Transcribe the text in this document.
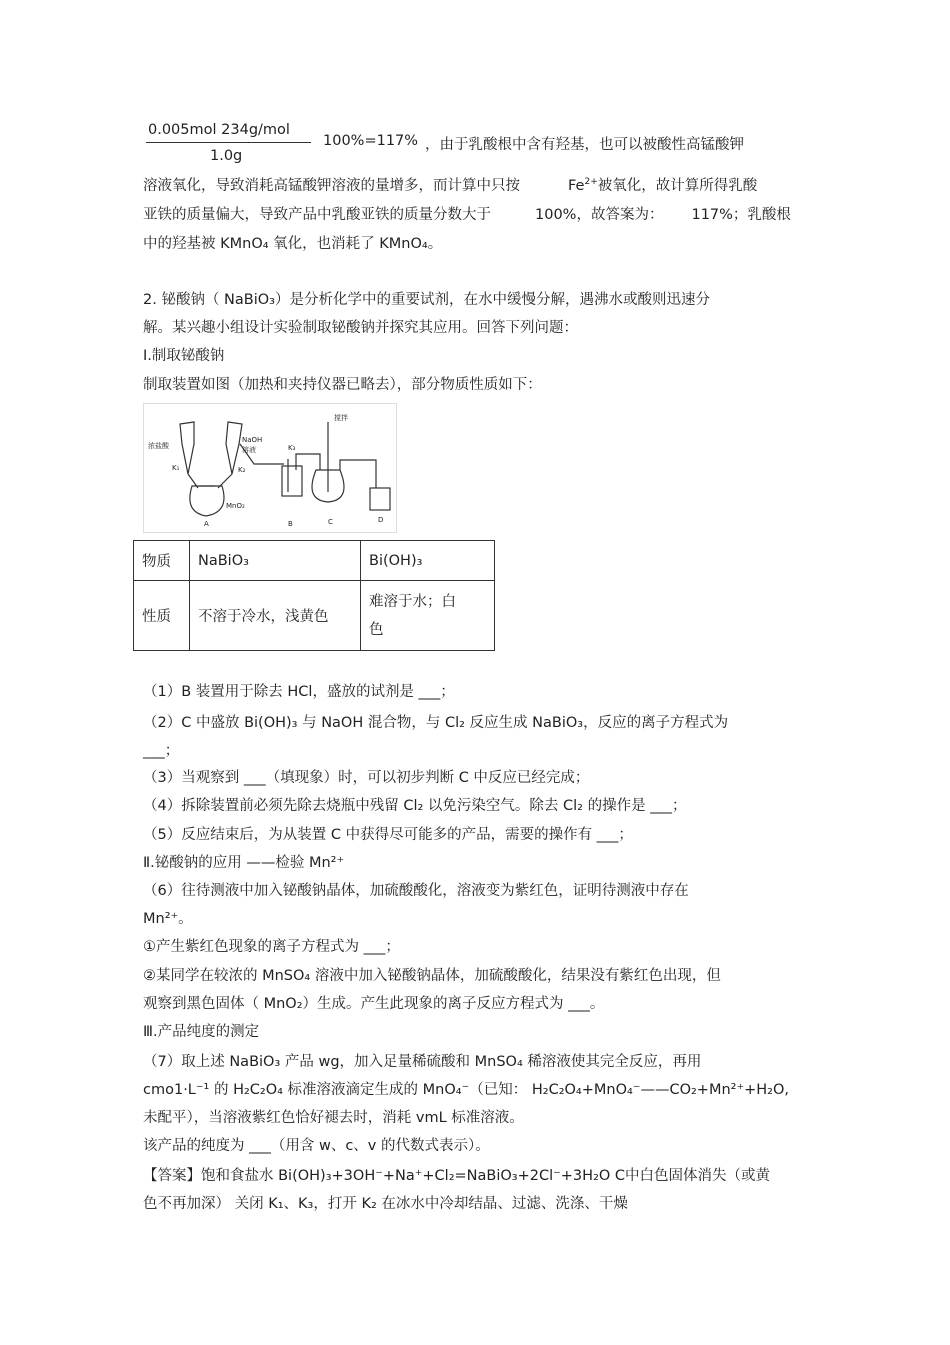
0.005mol 234g/mol
1.0g
100%=117% ，由于乳酸根中含有羟基，也可以被酸性高锰酸钾
溶液氧化，导致消耗高锰酸钾溶液的量增多，而计算中只按	$Fe^{2+}$被氧化，故计算所得乳酸
亚铁的质量偏大，导致产品中乳酸亚铁的质量分数大于	100%，故答案为： 117%；乳酸根
中的羟基被 KMnO₄ 氧化，也消耗了 KMnO₄。
2. 铋酸钠（ NaBiO₃）是分析化学中的重要试剂，在水中缓慢分解，遇沸水或酸则迅速分
解。某兴趣小组设计实验制取铋酸钠并探究其应用。回答下列问题：
Ⅰ.制取铋酸钠
制取装置如图（加热和夹持仪器已略去），部分物质性质如下：
浓盐酸
NaOH
溶液
K₁	K₂
K₃
MnO₂
搅拌
A	B	C	D
物质	NaBiO₃	Bi(OH)₃
性质	不溶于冷水，浅黄色	难溶于水；白
色
（1）B 装置用于除去 HCl，盛放的试剂是 ___；
（2）C 中盛放 Bi(OH)₃ 与 NaOH 混合物，与 Cl₂ 反应生成 NaBiO₃，反应的离子方程式为
___；
（3）当观察到 ___（填现象）时，可以初步判断 C 中反应已经完成；
（4）拆除装置前必须先除去烧瓶中残留 Cl₂ 以免污染空气。除去 Cl₂ 的操作是 ___；
（5）反应结束后，为从装置 C 中获得尽可能多的产品，需要的操作有 ___；
Ⅱ.铋酸钠的应用 ——检验 Mn²⁺
（6）往待测液中加入铋酸钠晶体，加硫酸酸化，溶液变为紫红色，证明待测液中存在
Mn²⁺。
①产生紫红色现象的离子方程式为 ___；
②某同学在较浓的 MnSO₄ 溶液中加入铋酸钠晶体，加硫酸酸化，结果没有紫红色出现，但
观察到黑色固体（ MnO₂）生成。产生此现象的离子反应方程式为 ___。
Ⅲ.产品纯度的测定
（7）取上述 NaBiO₃ 产品 wg，加入足量稀硫酸和 MnSO₄ 稀溶液使其完全反应，再用
cmo1·L⁻¹ 的 H₂C₂O₄ 标准溶液滴定生成的 MnO₄⁻（已知： H₂C₂O₄+MnO₄⁻——CO₂+Mn²⁺+H₂O,
未配平），当溶液紫红色恰好褪去时，消耗 vmL 标准溶液。
该产品的纯度为 ___（用含 w、c、v 的代数式表示）。
【答案】饱和食盐水 Bi(OH)₃+3OH⁻+Na⁺+Cl₂=NaBiO₃+2Cl⁻+3H₂O C中白色固体消失（或黄
色不再加深） 关闭 K₁、K₃，打开 K₂ 在冰水中冷却结晶、过滤、洗涤、干燥
